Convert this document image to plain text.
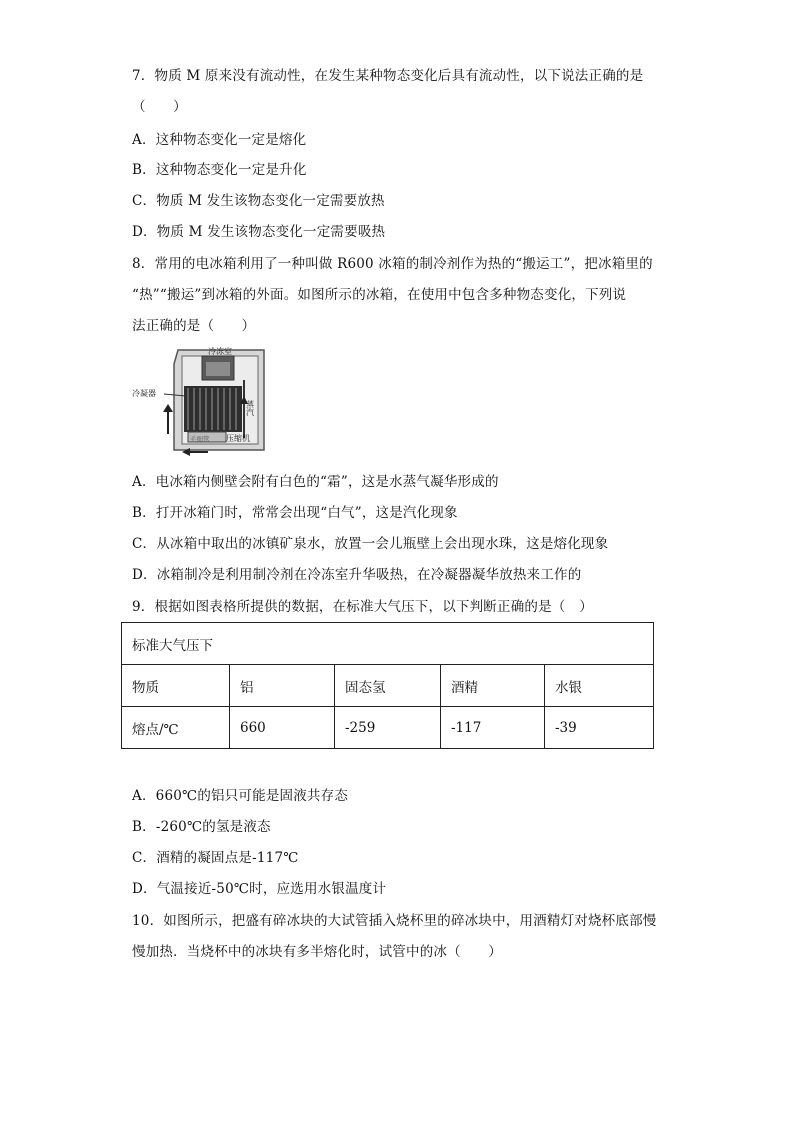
7．物质 M 原来没有流动性，在发生某种物态变化后具有流动性，以下说法正确的是
（　　）
A．这种物态变化一定是熔化
B．这种物态变化一定是升化
C．物质 M 发生该物态变化一定需要放热
D．物质 M 发生该物态变化一定需要吸热
8．常用的电冰箱利用了一种叫做 R600 冰箱的制冷剂作为热的“搬运工”，把冰箱里的
“热”“搬运”到冰箱的外面。如图所示的冰箱，在使用中包含多种物态变化，下列说
法正确的是（　　）
冷冻室
冷凝器
蒸汽
毛细管 压缩机
A．电冰箱内侧壁会附有白色的“霜”，这是水蒸气凝华形成的
B．打开冰箱门时，常常会出现“白气”，这是汽化现象
C．从冰箱中取出的冰镇矿泉水，放置一会儿瓶壁上会出现水珠，这是熔化现象
D．冰箱制冷是利用制冷剂在冷冻室升华吸热，在冷凝器凝华放热来工作的
9．根据如图表格所提供的数据，在标准大气压下，以下判断正确的是（　）
标准大气压下				
物质	铝	固态氢	酒精	水银
熔点/℃	660	-259	-117	-39
A．660℃的铝只可能是固液共存态
B．-260℃的氢是液态
C．酒精的凝固点是-117℃
D．气温接近-50℃时，应选用水银温度计
10．如图所示，把盛有碎冰块的大试管插入烧杯里的碎冰块中，用酒精灯对烧杯底部慢
慢加热．当烧杯中的冰块有多半熔化时，试管中的冰（　　）
